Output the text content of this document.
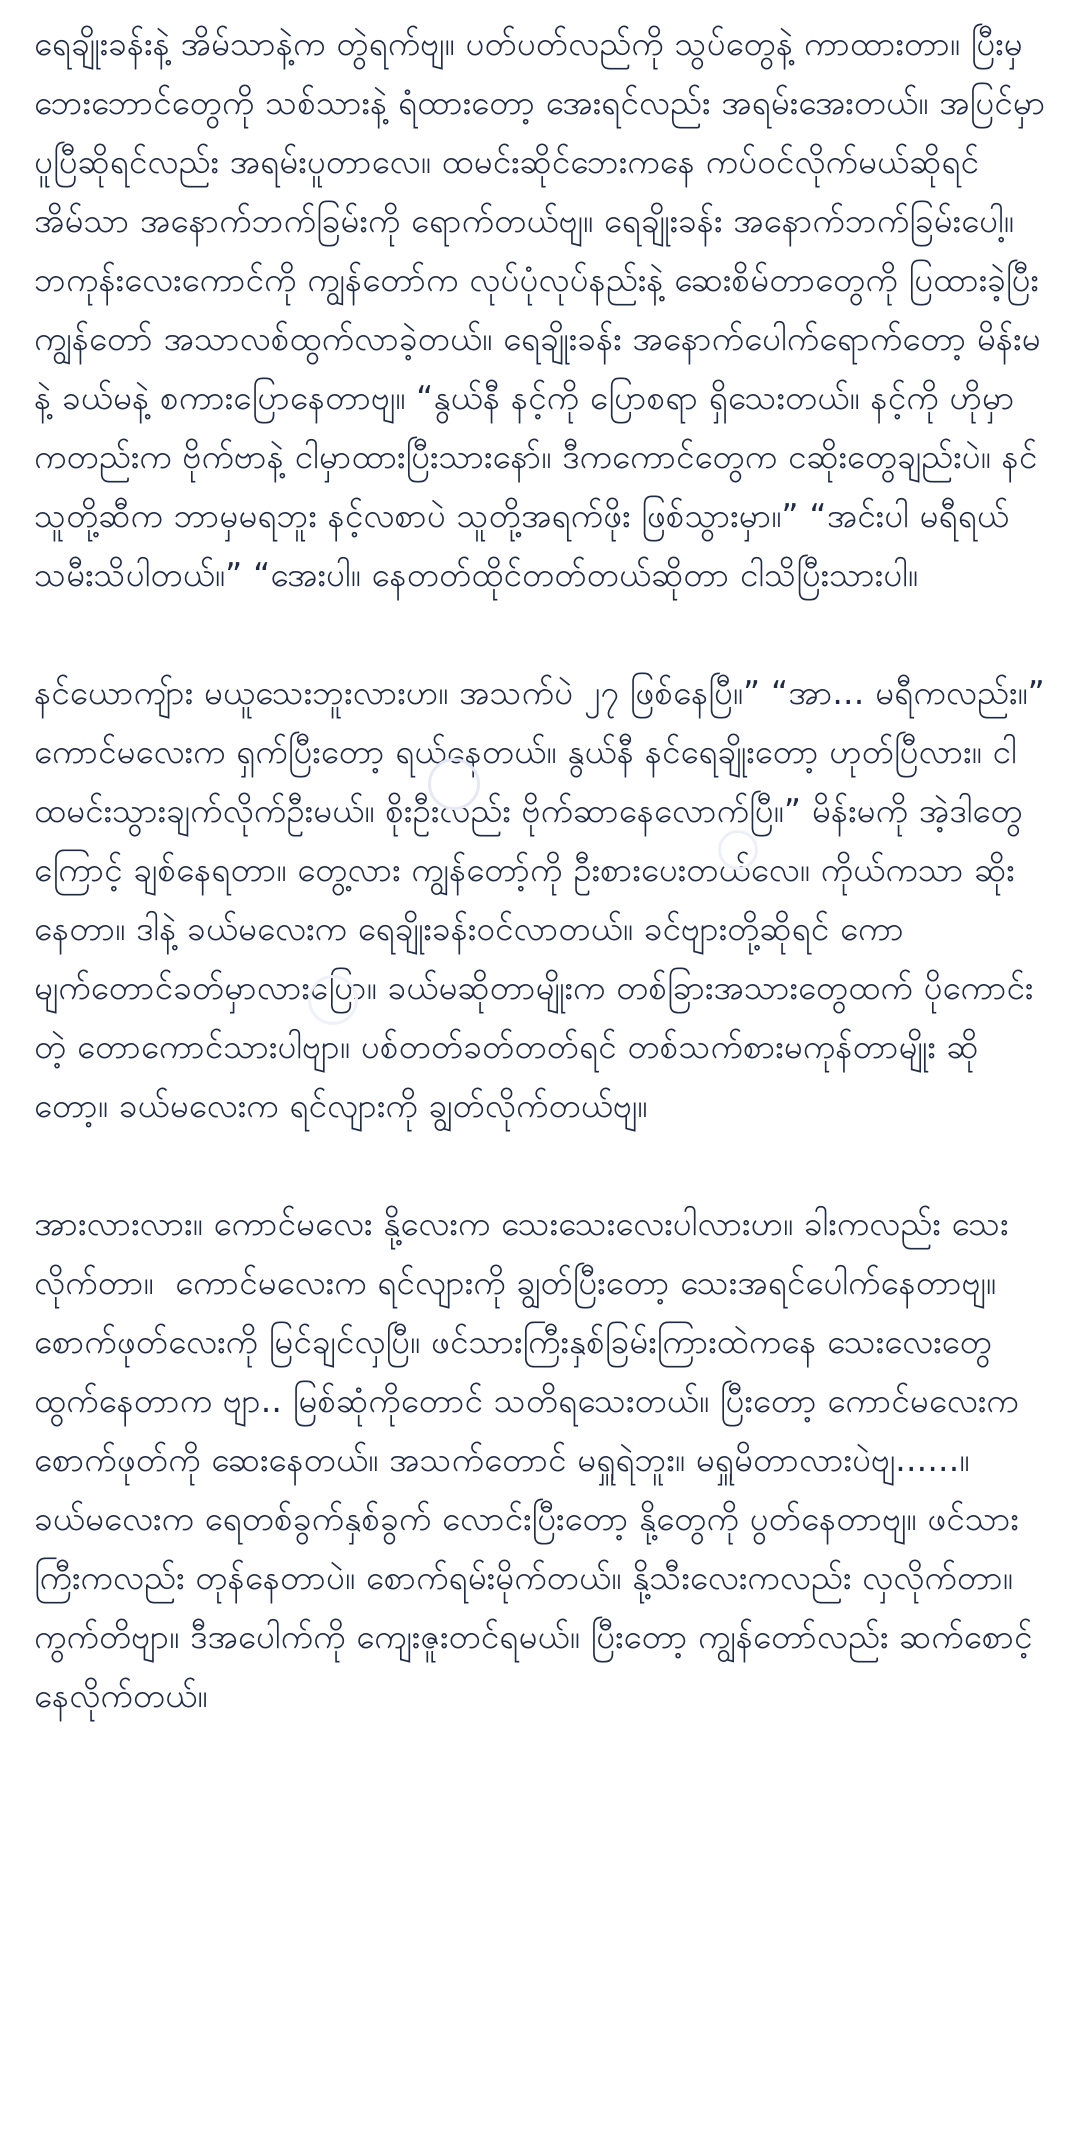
ရေချိုးခန်းနဲ့ အိမ်သာနဲ့က တွဲရက်ဗျ။ ပတ်ပတ်လည်ကို သွပ်တွေနဲ့ ကာထားတာ။ ပြီးမှ ဘေးဘောင်တွေကို သစ်သားနဲ့ ရံထားတော့ အေးရင်လည်း အရမ်းအေးတယ်။ အပြင်မှာ ပူပြီဆိုရင်လည်း အရမ်းပူတာလေ။ ထမင်းဆိုင်ဘေးကနေ ကပ်ဝင်လိုက်မယ်ဆိုရင် အိမ်သာ အနောက်ဘက်ခြမ်းကို ရောက်တယ်ဗျ။ ရေချိုးခန်း အနောက်ဘက်ခြမ်းပေါ့။ ဘကုန်းလေးကောင်ကို ကျွန်တော်က လုပ်ပုံလုပ်နည်းနဲ့ ဆေးစိမ်တာတွေကို ပြထားခဲ့ပြီး ကျွန်တော် အသာလစ်ထွက်လာခဲ့တယ်။ ရေချိုးခန်း အနောက်ပေါက်ရောက်တော့ မိန်းမနဲ့ ခယ်မနဲ့ စကားပြောနေတာဗျ။ “နွယ်နီ နင့်ကို ပြောစရာ ရှိသေးတယ်။ နင့်ကို ဟိုမှာကတည်းက ဗိုက်ဗာနဲ့ ငါမှာထားပြီးသားနော်။ ဒီကကောင်တွေက ငဆိုးတွေချည်းပဲ။ နင်သူတို့ဆီက ဘာမှမရဘူး နင့်လစာပဲ သူတို့အရက်ဖိုး ဖြစ်သွားမှာ။” “အင်းပါ မရီရယ် သမီးသိပါတယ်။” “အေးပါ။ နေတတ်ထိုင်တတ်တယ်ဆိုတာ ငါသိပြီးသားပါ။

နင်ယောကျ်ား မယူသေးဘူးလားဟ။ အသက်ပဲ ၂၇ ဖြစ်နေပြီ။” “အာ... မရီကလည်း။” ကောင်မလေးက ရှက်ပြီးတော့ ရယ်နေတယ်။ နွယ်နီ နင်ရေချိုးတော့ ဟုတ်ပြီလား။ ငါ ထမင်းသွားချက်လိုက်ဦးမယ်။ စိုးဦးလည်း ဗိုက်ဆာနေလောက်ပြီ။” မိန်းမကို အဲ့ဒါတွေကြောင့် ချစ်နေရတာ။ တွေ့လား ကျွန်တော့်ကို ဦးစားပေးတယ်လေ။ ကိုယ်ကသာ ဆိုးနေတာ။ ဒါနဲ့ ခယ်မလေးက ရေချိုးခန်းဝင်လာတယ်။ ခင်ဗျားတို့ဆိုရင် ကော မျက်တောင်ခတ်မှာလားပြော။ ခယ်မဆိုတာမျိုးက တစ်ခြားအသားတွေထက် ပိုကောင်းတဲ့ တောကောင်သားပါဗျာ။ ပစ်တတ်ခတ်တတ်ရင် တစ်သက်စားမကုန်တာမျိုး ဆိုတော့။ ခယ်မလေးက ရင်လျားကို ချွတ်လိုက်တယ်ဗျ။

အားလားလား။ ကောင်မလေး နို့လေးက သေးသေးလေးပါလားဟ။ ခါးကလည်း သေးလိုက်တာ။  ကောင်မလေးက ရင်လျားကို ချွတ်ပြီးတော့ သေးအရင်ပေါက်နေတာဗျ။ စောက်ဖုတ်လေးကို မြင်ချင်လှပြီ။ ဖင်သားကြီးနှစ်ခြမ်းကြားထဲကနေ သေးလေးတွေ ထွက်နေတာက ဗျာ.. မြစ်ဆုံကိုတောင် သတိရသေးတယ်။ ပြီးတော့ ကောင်မလေးက စောက်ဖုတ်ကို ဆေးနေတယ်။ အသက်တောင် မရှူရဲဘူး။ မရှူမိတာလားပဲဗျ......။ ခယ်မလေးက ရေတစ်ခွက်နှစ်ခွက် လောင်းပြီးတော့ နို့တွေကို ပွတ်နေတာဗျ။ ဖင်သားကြီးကလည်း တုန်နေတာပဲ။ စောက်ရမ်းမိုက်တယ်။ နို့သီးလေးကလည်း လှလိုက်တာ။ ကွက်တိဗျာ။ ဒီအပေါက်ကို ကျေးဇူးတင်ရမယ်။ ပြီးတော့ ကျွန်တော်လည်း ဆက်စောင့်နေလိုက်တယ်။
